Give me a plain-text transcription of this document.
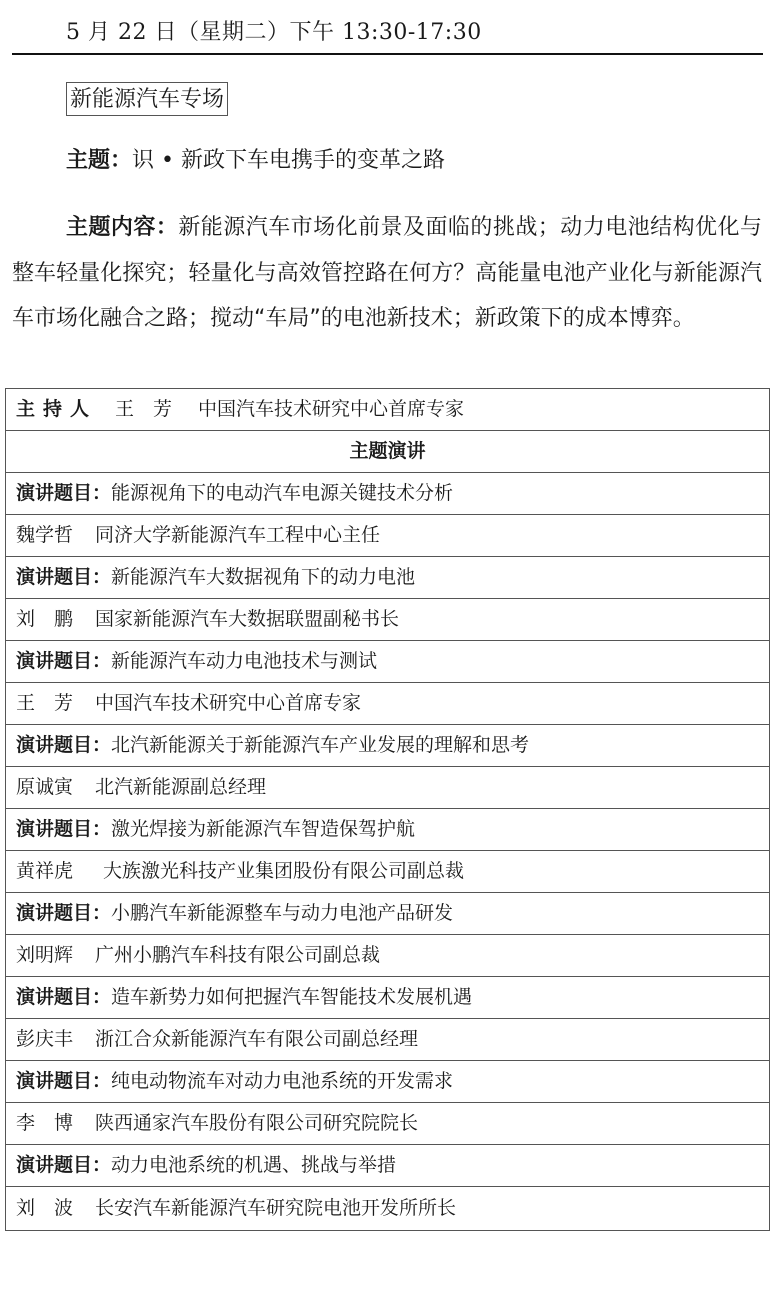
5 月 22 日（星期二）下午 13:30-17:30
新能源汽车专场
主题：识 • 新政下车电携手的变革之路
主题内容：新能源汽车市场化前景及面临的挑战；动力电池结构优化与整车轻量化探究；轻量化与高效管控路在何方？高能量电池产业化与新能源汽车市场化融合之路；搅动“车局”的电池新技术；新政策下的成本博弈。
主持人 王　芳 中国汽车技术研究中心首席专家
主题演讲
演讲题目：能源视角下的电动汽车电源关键技术分析
魏学哲 同济大学新能源汽车工程中心主任
演讲题目：新能源汽车大数据视角下的动力电池
刘　鹏 国家新能源汽车大数据联盟副秘书长
演讲题目：新能源汽车动力电池技术与测试
王　芳 中国汽车技术研究中心首席专家
演讲题目：北汽新能源关于新能源汽车产业发展的理解和思考
原诚寅 北汽新能源副总经理
演讲题目：激光焊接为新能源汽车智造保驾护航
黄祥虎 大族激光科技产业集团股份有限公司副总裁
演讲题目：小鹏汽车新能源整车与动力电池产品研发
刘明辉 广州小鹏汽车科技有限公司副总裁
演讲题目：造车新势力如何把握汽车智能技术发展机遇
彭庆丰 浙江合众新能源汽车有限公司副总经理
演讲题目：纯电动物流车对动力电池系统的开发需求
李　博 陕西通家汽车股份有限公司研究院院长
演讲题目：动力电池系统的机遇、挑战与举措
刘　波 长安汽车新能源汽车研究院电池开发所所长
